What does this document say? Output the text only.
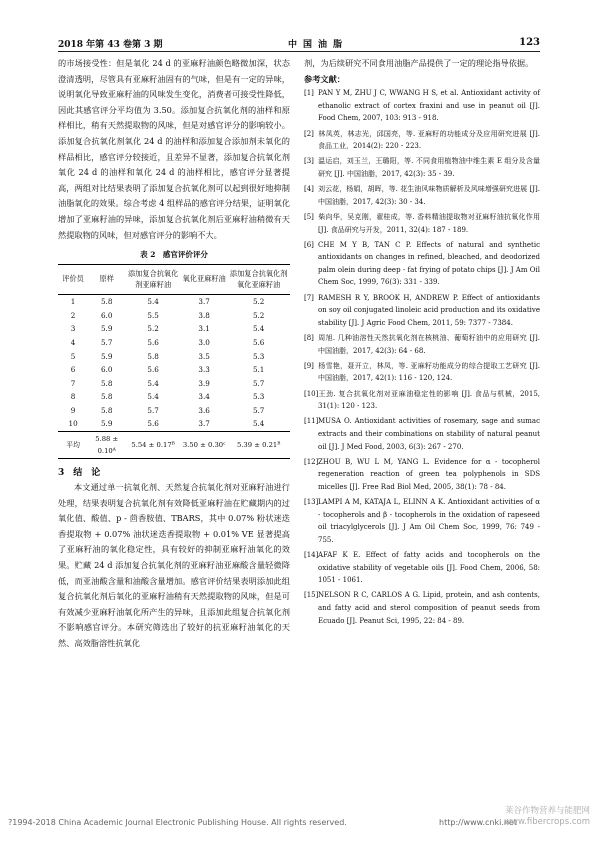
2018 年第 43 卷第 3 期	中国油脂	123

的市场接受性：但是氧化 24 d 的亚麻籽油颜色略微加深，状态澄清透明，尽管具有亚麻籽油固有的气味，但是有一定的异味，说明氧化导致亚麻籽油的风味发生变化，消费者可接受性降低，因此其感官评分平均值为 3.50。添加复合抗氧化剂的油样和原样相比，稍有天然提取物的风味，但是对感官评分的影响较小。添加复合抗氧化剂氧化 24 d 的油样和添加复合添加剂未氧化的样品相比，感官评分较接近，且差异不显著，添加复合抗氧化剂氧化 24 d 的油样和氧化 24 d 的油样相比，感官评分显著提高，两组对比结果表明了添加复合抗氧化剂可以起到很好地抑制油脂氧化的效果。综合考虑 4 组样品的感官评分结果，证明氧化增加了亚麻籽油的异味，添加复合抗氧化剂后亚麻籽油稍微有天然提取物的风味，但对感官评分的影响不大。

表 2　感官评价评分
评价员	原样	添加复合抗氧化剂亚麻籽油	氧化亚麻籽油	添加复合抗氧化剂氧化亚麻籽油
1	5.8	5.4	3.7	5.2
2	6.0	5.5	3.8	5.2
3	5.9	5.2	3.1	5.4
4	5.7	5.6	3.0	5.6
5	5.9	5.8	3.5	5.3
6	6.0	5.6	3.3	5.1
7	5.8	5.4	3.9	5.7
8	5.8	5.4	3.4	5.3
9	5.8	5.7	3.6	5.7
10	5.9	5.6	3.7	5.4
平均	5.88 ± 0.10ᴬ	5.54 ± 0.17ᴮ	3.50 ± 0.30ᶜ	5.39 ± 0.21ᴮ
3　结　论

本文通过单一抗氧化剂、天然复合抗氧化剂对亚麻籽油进行处理，结果表明复合抗氧化剂有效降低亚麻籽油在贮藏期内的过氧化值、酸值、p - 茴香胺值、TBARS，其中 0.07% 粉状迷迭香提取物 + 0.07% 油状迷迭香提取物 + 0.01% VE 显著提高了亚麻籽油的氧化稳定性，具有较好的抑制亚麻籽油氧化的效果。贮藏 24 d 添加复合抗氧化剂的亚麻籽油亚麻酸含量轻微降低，而亚油酸含量和油酸含量增加。感官评价结果表明添加此组复合抗氧化剂后氧化的亚麻籽油稍有天然提取物的风味，但是可有效减少亚麻籽油氧化所产生的异味，且添加此组复合抗氧化剂不影响感官评分。本研究筛选出了较好的抗亚麻籽油氧化的天然、高效脂溶性抗氧化

剂，为后续研究不同食用油脂产品提供了一定的理论指导依据。

参考文献：

[1] PAN Y M, ZHU J C, WWANG H S, et al. Antioxidant activity of ethanolic extract of cortex fraxini and use in peanut oil [J]. Food Chem, 2007, 103: 913 - 918.

[2] 林凤英，林志光，邱国亮，等. 亚麻籽的功能成分及应用研究进展 [J]. 食品工业，2014(2): 220 - 223.

[3] 温运启，刘玉兰，王璐阳，等. 不同食用植物油中维生素 E 组分及含量研究 [J]. 中国油脂，2017, 42(3): 35 - 39.

[4] 刘云花，杨娟，胡晖，等. 花生油风味物质解析及风味增强研究进展 [J]. 中国油脂，2017, 42(3): 30 - 34.

[5] 柴向华，吴克刚，翟桂成，等. 香料精油提取物对亚麻籽油抗氧化作用 [J]. 食品研究与开发，2011, 32(4): 187 - 189.

[6] CHE M Y B, TAN C P. Effects of natural and synthetic antioxidants on changes in refined, bleached, and deodorized palm olein during deep - fat frying of potato chips [J]. J Am Oil Chem Soc, 1999, 76(3): 331 - 339.

[7] RAMESH R Y, BROOK H, ANDREW P. Effect of antioxidants on soy oil conjugated linoleic acid production and its oxidative stability [J]. J Agric Food Chem, 2011, 59: 7377 - 7384.

[8] 周旭. 几种油溶性天然抗氧化剂在核桃油、葡萄籽油中的应用研究 [J]. 中国油脂，2017, 42(3): 64 - 68.

[9] 杨雪艳，聂开立，林凤，等. 亚麻籽功能成分的综合提取工艺研究 [J]. 中国油脂，2017, 42(1): 116 - 120, 124.

[10]王劲. 复合抗氧化剂对亚麻油稳定性的影响 [J]. 食品与机械，2015, 31(1): 120 - 123.

[11]MUSA O. Antioxidant activities of rosemary, sage and sumac extracts and their combinations on stability of natural peanut oil [J]. J Med Food, 2003, 6(3): 267 - 270.

[12]ZHOU B, WU L M, YANG L. Evidence for α - tocopherol regeneration reaction of green tea polyphenols in SDS micelles [J]. Free Rad Biol Med, 2005, 38(1): 78 - 84.

[13]LAMPI A M, KATAJA L, ELINN A K. Antioxidant activities of α - tocopherols and β - tocopherols in the oxidation of rapeseed oil triacylglycerols [J]. J Am Oil Chem Soc, 1999, 76: 749 - 755.

[14]AFAF K E. Effect of fatty acids and tocopherols on the oxidative stability of vegetable oils [J]. Food Chem, 2006, 58: 1051 - 1061.

[15]NELSON R C, CARLOS A G. Lipid, protein, and ash contents, and fatty acid and sterol composition of peanut seeds from Ecuado [J]. Peanut Sci, 1995, 22: 84 - 89.

?1994-2018 China Academic Journal Electronic Publishing House. All rights reserved.	http://www.cnki.net
莱谷作物营养与能肥网
www.fibercrops.com
